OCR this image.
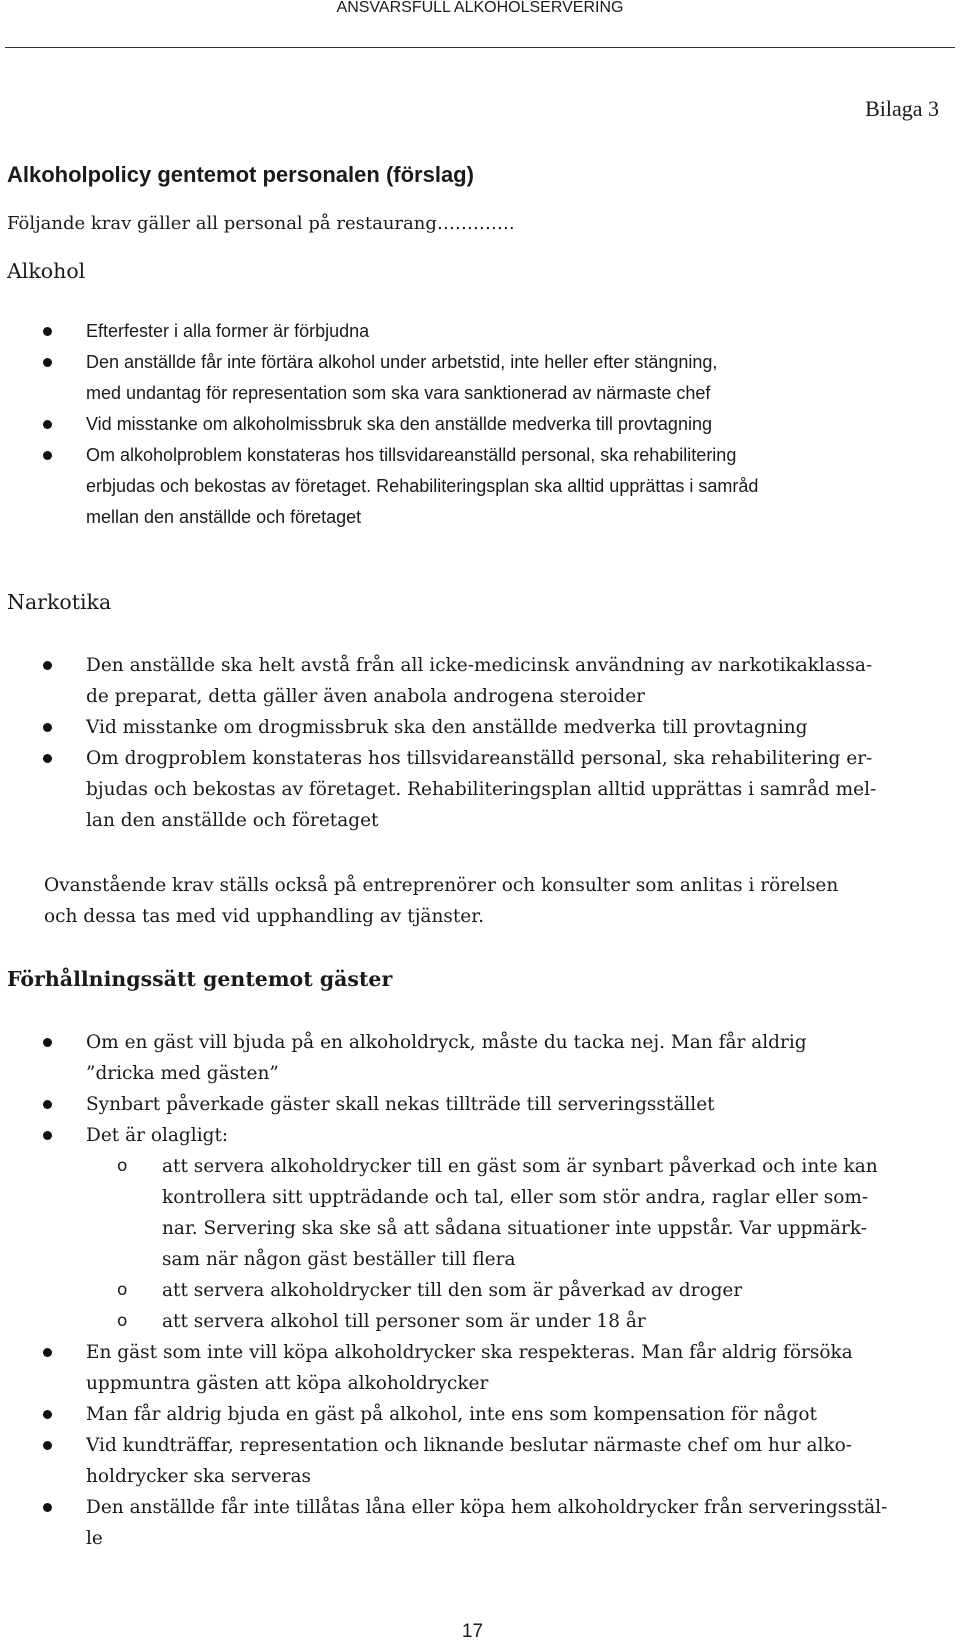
ANSVARSFULL ALKOHOLSERVERING
Bilaga 3
Alkoholpolicy gentemot personalen (förslag)

Följande krav gäller all personal på restaurang………….

Alkohol
Efterfester i alla former är förbjudna
Den anställde får inte förtära alkohol under arbetstid, inte heller efter stängning,
med undantag för representation som ska vara sanktionerad av närmaste chef
Vid misstanke om alkoholmissbruk ska den anställde medverka till provtagning
Om alkoholproblem konstateras hos tillsvidareanställd personal, ska rehabilitering
erbjudas och bekostas av företaget. Rehabiliteringsplan ska alltid upprättas i samråd
mellan den anställde och företaget
Narkotika
Den anställde ska helt avstå från all icke-medicinsk användning av narkotikaklassa-
de preparat, detta gäller även anabola androgena steroider
Vid misstanke om drogmissbruk ska den anställde medverka till provtagning
Om drogproblem konstateras hos tillsvidareanställd personal, ska rehabilitering er-
bjudas och bekostas av företaget. Rehabiliteringsplan alltid upprättas i samråd mel-
lan den anställde och företaget

Ovanstående krav ställs också på entreprenörer och konsulter som anlitas i rörelsen
och dessa tas med vid upphandling av tjänster.

Förhållningssätt gentemot gäster
Om en gäst vill bjuda på en alkoholdryck, måste du tacka nej. Man får aldrig
”dricka med gästen”
Synbart påverkade gäster skall nekas tillträde till serveringsstället
Det är olagligt:
o att servera alkoholdrycker till en gäst som är synbart påverkad och inte kan
kontrollera sitt uppträdande och tal, eller som stör andra, raglar eller som-
nar. Servering ska ske så att sådana situationer inte uppstår. Var uppmärk-
sam när någon gäst beställer till flera
o att servera alkoholdrycker till den som är påverkad av droger
o att servera alkohol till personer som är under 18 år
En gäst som inte vill köpa alkoholdrycker ska respekteras. Man får aldrig försöka
uppmuntra gästen att köpa alkoholdrycker
Man får aldrig bjuda en gäst på alkohol, inte ens som kompensation för något
Vid kundträffar, representation och liknande beslutar närmaste chef om hur alko-
holdrycker ska serveras
Den anställde får inte tillåtas låna eller köpa hem alkoholdrycker från serveringsstäl-
le
17
